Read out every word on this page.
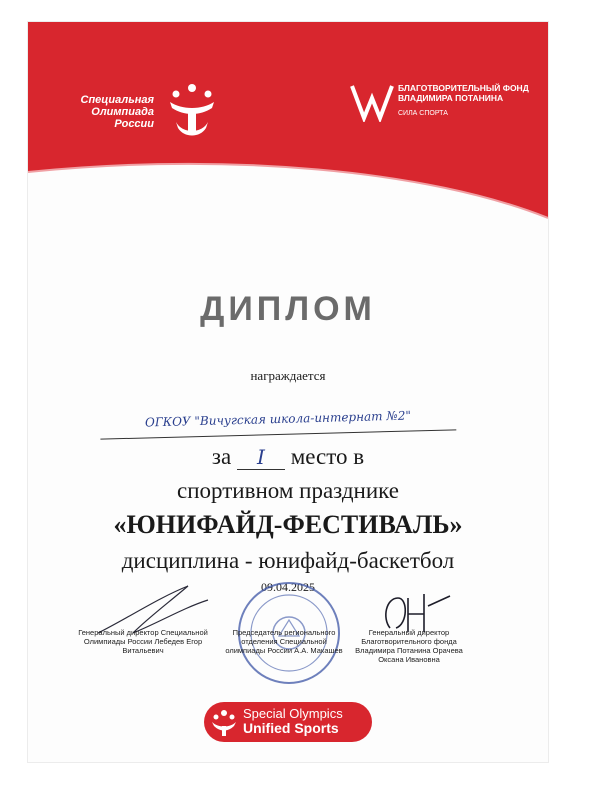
Специальная Олимпиада России
БЛАГОТВОРИТЕЛЬНЫЙ ФОНД ВЛАДИМИРА ПОТАНИНА
СИЛА СПОРТА
ДИПЛОМ
награждается
ОГКОУ "Вичугская школа-интернат №2"
за I место в
спортивном празднике
«ЮНИФАЙД-ФЕСТИВАЛЬ»
дисциплина - юнифайд-баскетбол
09.04.2025
Генеральный директор Специальной Олимпиады России Лебедев Егор Витальевич
Председатель регионального отделения Специальной олимпиады России А.А. Макашев
Генеральный директор Благотворительного фонда Владимира Потанина Орачева Оксана Ивановна
Special Olympics
Unified Sports
